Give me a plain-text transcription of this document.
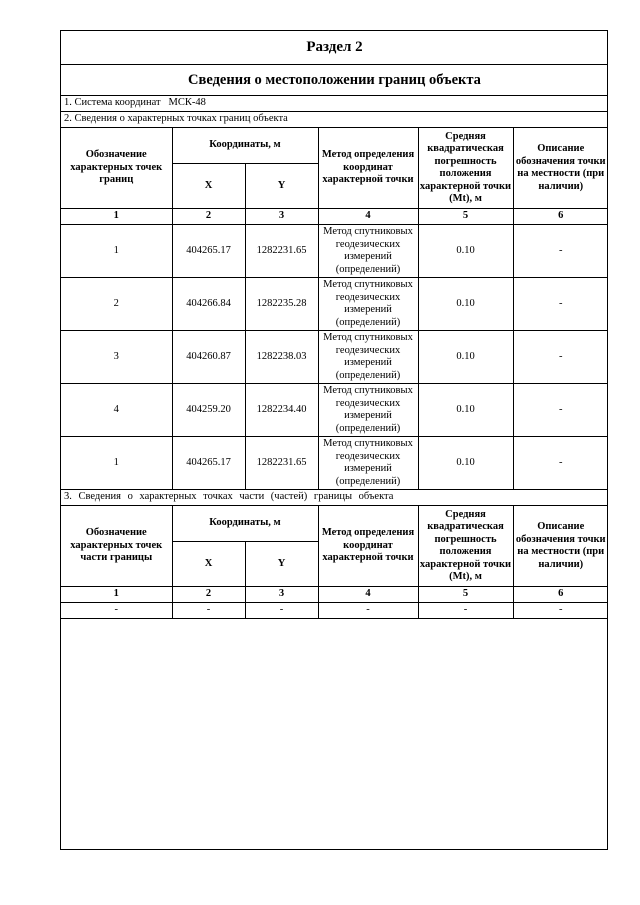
Раздел 2					
Сведения о местоположении границ объекта					
1. Система координат МСК-48					
2. Сведения о характерных точках границ объекта					
Обозначение характерных точек границ	Координаты, м		Метод определения координат характерной точки	Средняя квадратическая погрешность положения характерной точки (Mt), м	Описание обозначения точки на местности (при наличии)
	X	Y			
1	2	3	4	5	6
1	404265.17	1282231.65	Метод спутниковых геодезических измерений (определений)	0.10	-
2	404266.84	1282235.28	Метод спутниковых геодезических измерений (определений)	0.10	-
3	404260.87	1282238.03	Метод спутниковых геодезических измерений (определений)	0.10	-
4	404259.20	1282234.40	Метод спутниковых геодезических измерений (определений)	0.10	-
1	404265.17	1282231.65	Метод спутниковых геодезических измерений (определений)	0.10	-
3. Сведения о характерных точках части (частей) границы объекта					
Обозначение характерных точек части границы	Координаты, м		Метод определения координат характерной точки	Средняя квадратическая погрешность положения характерной точки (Mt), м	Описание обозначения точки на местности (при наличии)
	X	Y			
1	2	3	4	5	6
-	-	-	-	-	-
